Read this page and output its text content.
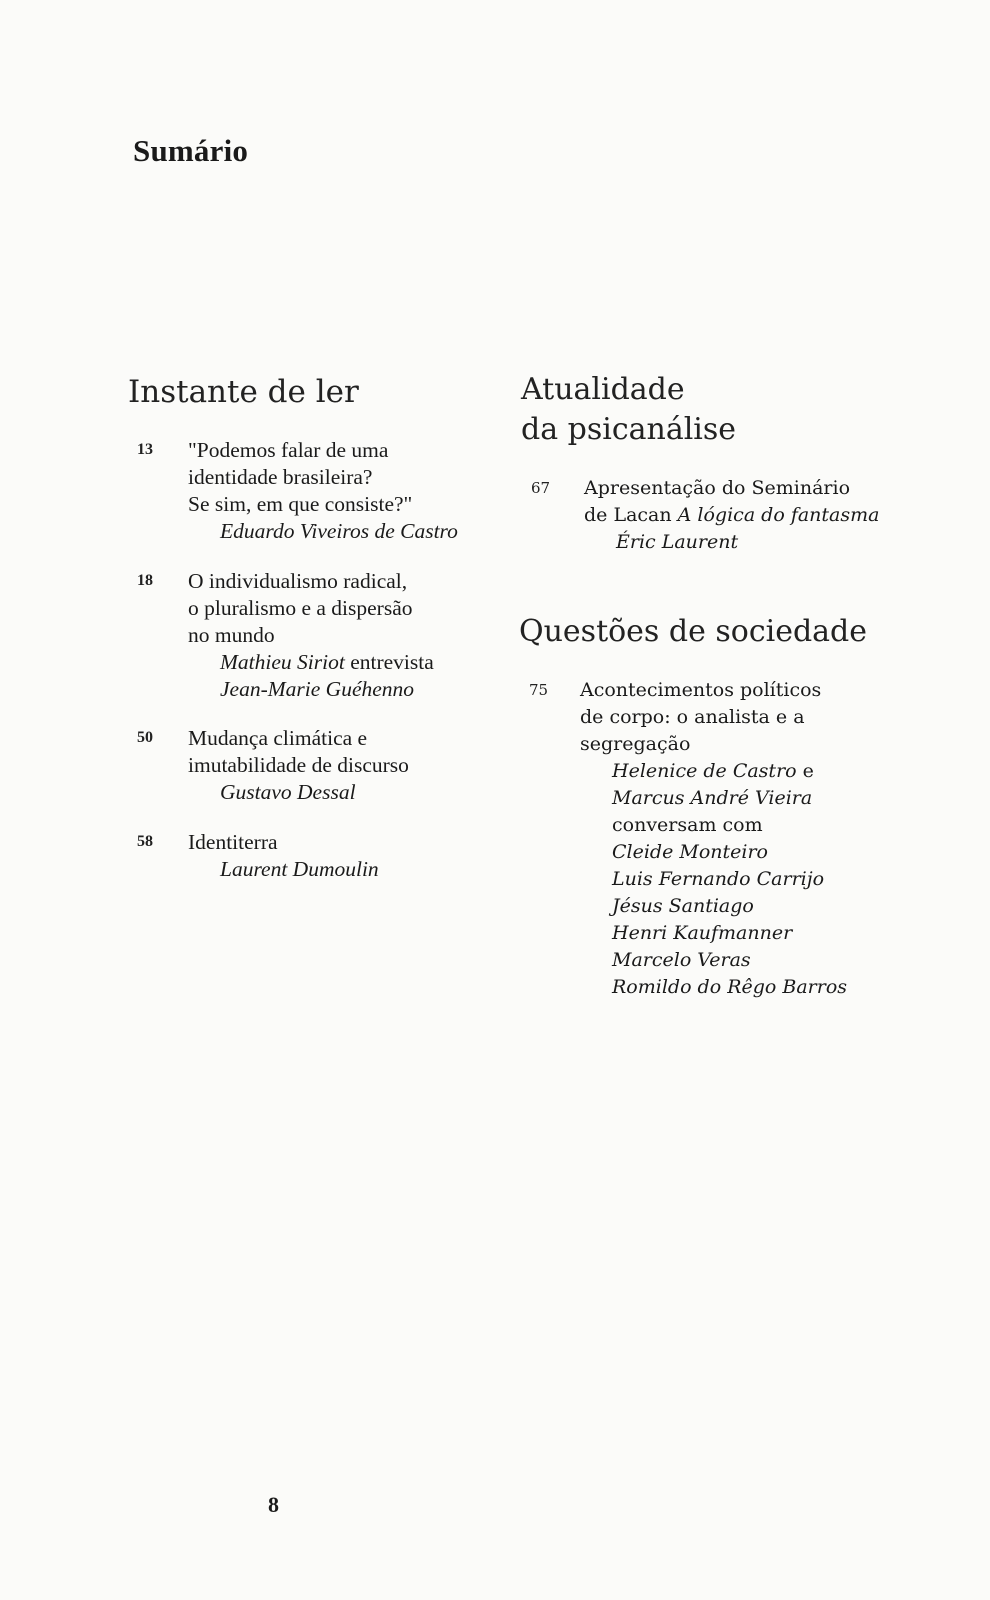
Sumário
Instante de ler
13 "Podemos falar de uma
identidade brasileira?
Se sim, em que consiste?"
Eduardo Viveiros de Castro
18 O individualismo radical,
o pluralismo e a dispersão
no mundo
Mathieu Siriot entrevista
Jean-Marie Guéhenno
50 Mudança climática e
imutabilidade de discurso
Gustavo Dessal
58 Identiterra
Laurent Dumoulin
Atualidade
da psicanálise
67 Apresentação do Seminário
de Lacan A lógica do fantasma
Éric Laurent
Questões de sociedade
75 Acontecimentos políticos
de corpo: o analista e a
segregação
Helenice de Castro e
Marcus André Vieira
conversam com
Cleide Monteiro
Luis Fernando Carrijo
Jésus Santiago
Henri Kaufmanner
Marcelo Veras
Romildo do Rêgo Barros
8
